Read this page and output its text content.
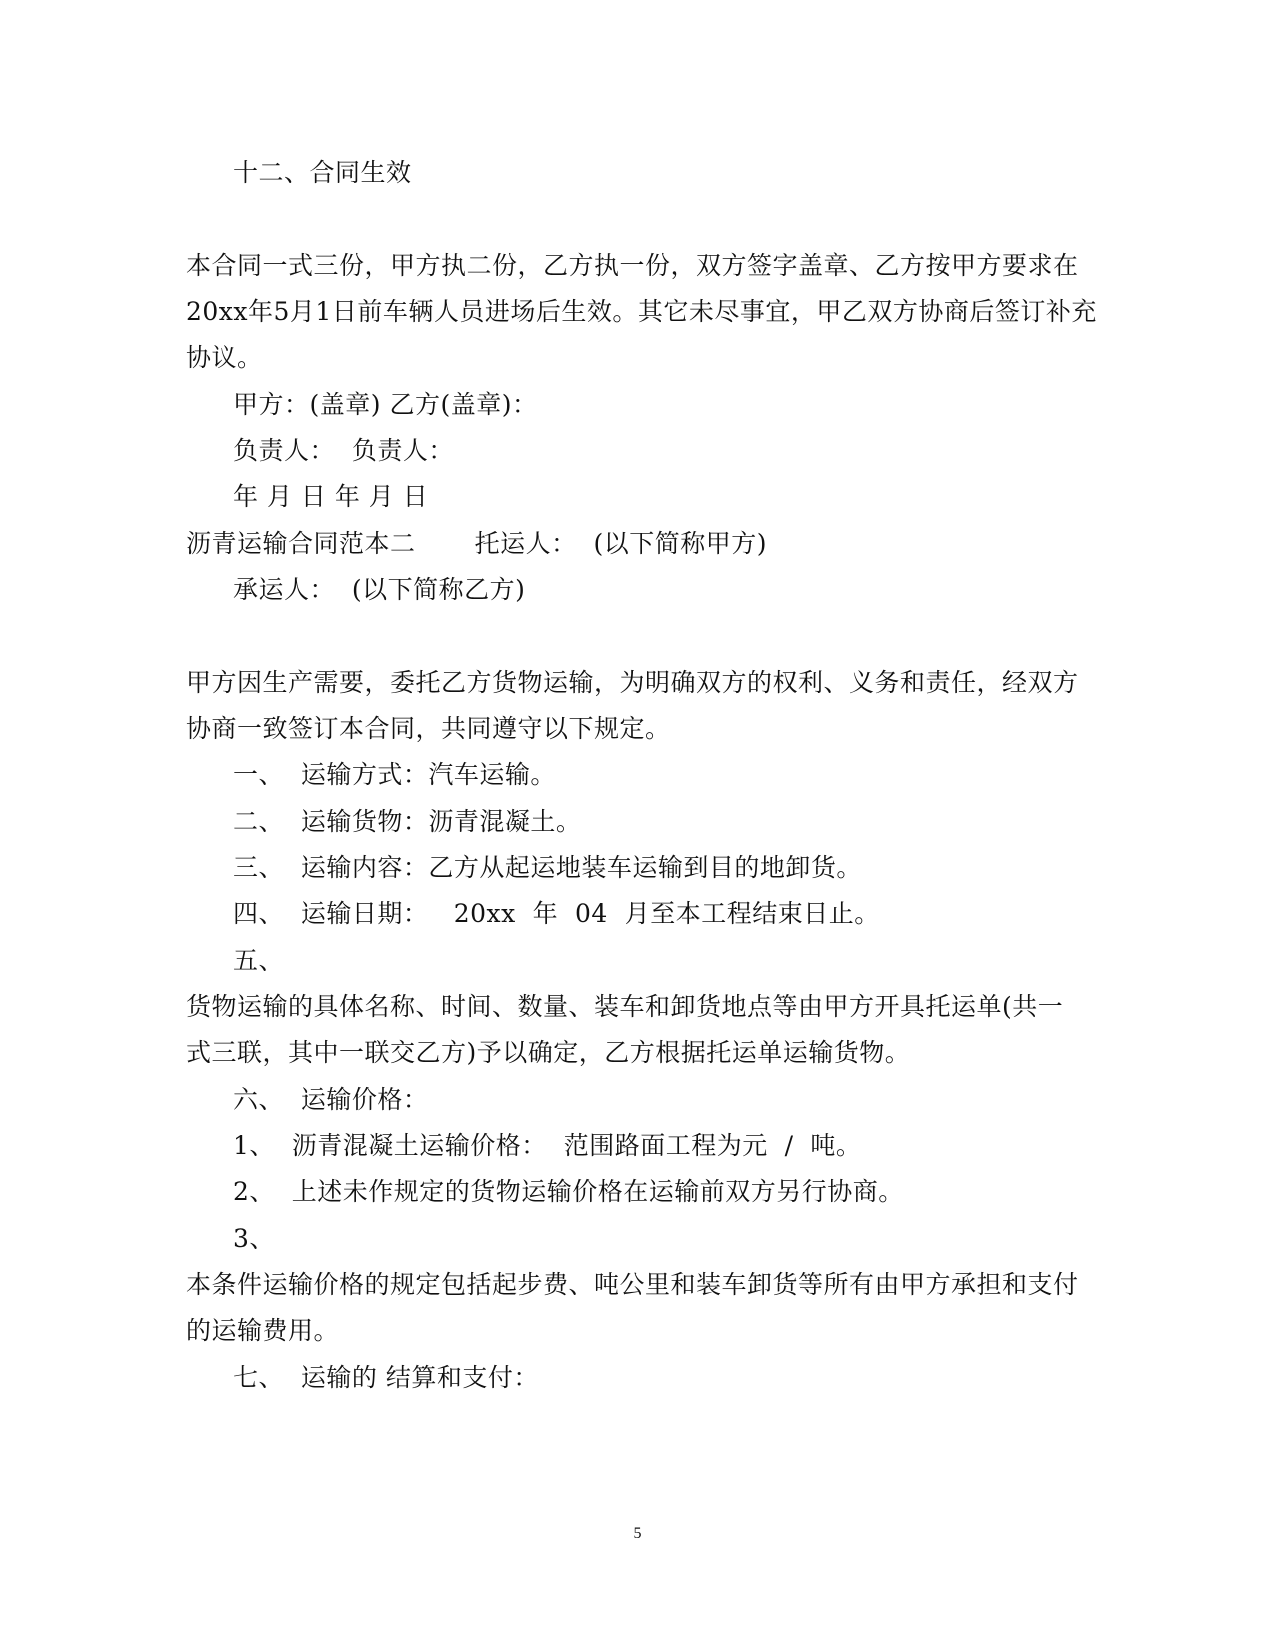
十二、合同生效
本合同一式三份，甲方执二份，乙方执一份，双方签字盖章、乙方按甲方要求在
20xx年5月1日前车辆人员进场后生效。其它未尽事宜，甲乙双方协商后签订补充
协议。
甲方：(盖章) 乙方(盖章)：
负责人：  负责人：
年 月 日 年 月 日
沥青运输合同范本二       托运人：  (以下简称甲方)
承运人：  (以下简称乙方)
甲方因生产需要，委托乙方货物运输，为明确双方的权利、义务和责任，经双方
协商一致签订本合同，共同遵守以下规定。
一、  运输方式：汽车运输。
二、  运输货物：沥青混凝土。
三、  运输内容：乙方从起运地装车运输到目的地卸货。
四、  运输日期：   20xx  年  04  月至本工程结束日止。
五、
货物运输的具体名称、时间、数量、装车和卸货地点等由甲方开具托运单(共一
式三联，其中一联交乙方)予以确定，乙方根据托运单运输货物。
六、  运输价格：
1、  沥青混凝土运输价格：  范围路面工程为元  /  吨。
2、  上述未作规定的货物运输价格在运输前双方另行协商。
3、
本条件运输价格的规定包括起步费、吨公里和装车卸货等所有由甲方承担和支付
的运输费用。
七、  运输的 结算和支付：
5
